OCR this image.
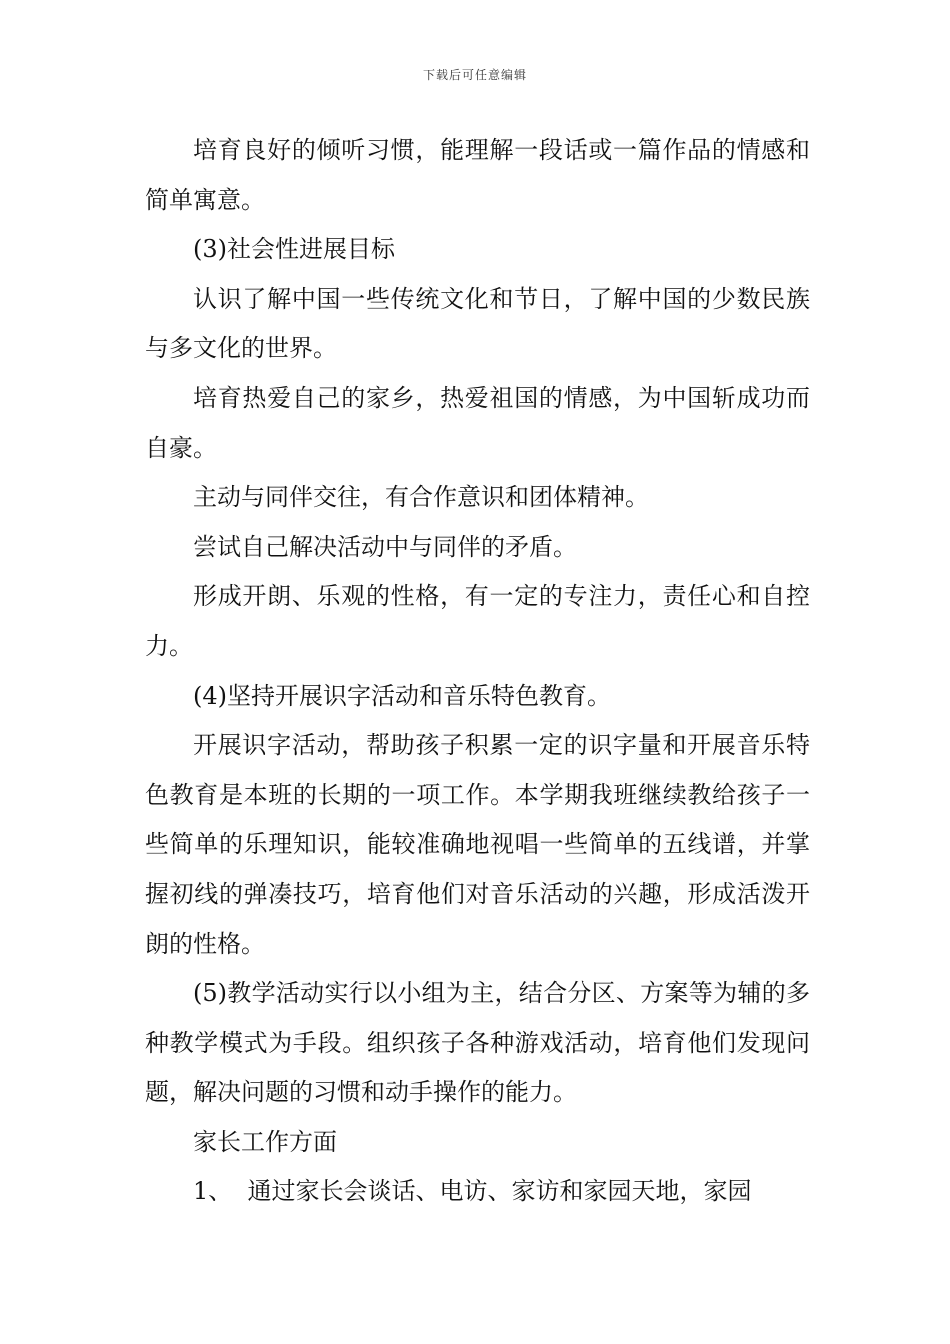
下载后可任意编辑

培育良好的倾听习惯，能理解一段话或一篇作品的情感和简单寓意。

(3)社会性进展目标

认识了解中国一些传统文化和节日，了解中国的少数民族与多文化的世界。

培育热爱自己的家乡，热爱祖国的情感，为中国斩成功而自豪。

主动与同伴交往，有合作意识和团体精神。

尝试自己解决活动中与同伴的矛盾。

形成开朗、乐观的性格，有一定的专注力，责任心和自控力。

(4)坚持开展识字活动和音乐特色教育。

开展识字活动，帮助孩子积累一定的识字量和开展音乐特色教育是本班的长期的一项工作。本学期我班继续教给孩子一些简单的乐理知识，能较准确地视唱一些简单的五线谱，并掌握初线的弹凑技巧，培育他们对音乐活动的兴趣，形成活泼开朗的性格。

(5)教学活动实行以小组为主，结合分区、方案等为辅的多种教学模式为手段。组织孩子各种游戏活动，培育他们发现问题，解决问题的习惯和动手操作的能力。

家长工作方面

1、  通过家长会谈话、电访、家访和家园天地，家园
